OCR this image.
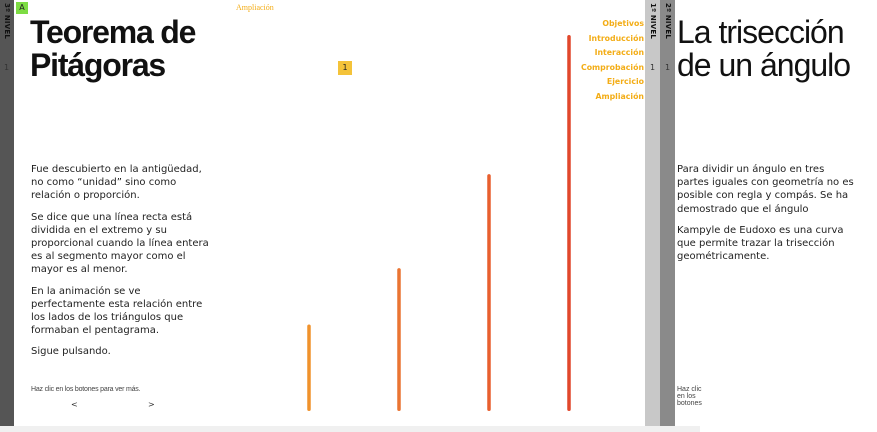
3º NIVEL
1
A	Ampliación
Teorema de Pitágoras

Fue descubierto en la antigüedad, no como “unidad” sino como relación o proporción.

Se dice que una línea recta está dividida en el extremo y su proporcional cuando la línea entera es al segmento mayor como el mayor es al menor.

En la animación se ve perfectamente esta relación entre los lados de los triángulos que formaban el pentagrama.

Sigue pulsando.

Haz clic en los botones para ver más.
<	>
1
Objetivos
Introducción
Interacción
Comprobación
Ejercicio
Ampliación
1º NIVEL
1
2º NIVEL
1
La trisección de un ángulo

Para dividir un ángulo en tres partes iguales con geometría no es posible con regla y compás. Se ha demostrado que el ángulo

Kampyle de Eudoxo es una curva que permite trazar la trisección geométricamente.

Haz clic en los botones
